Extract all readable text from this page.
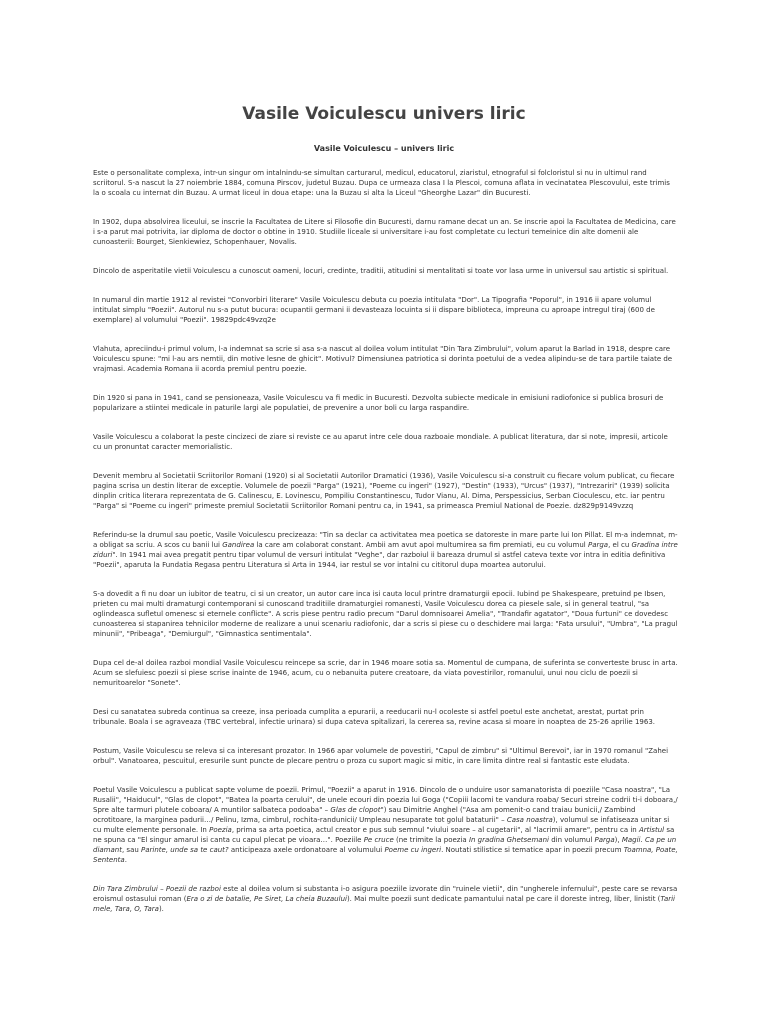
Vasile Voiculescu univers liric

Vasile Voiculescu – univers liric

Este o personalitate complexa, intr-un singur om intalnindu-se simultan carturarul, medicul, educatorul, ziaristul, etnograful si folcloristul si nu in ultimul rand scriitorul. S-a nascut la 27 noiembrie 1884, comuna Pirscov, judetul Buzau. Dupa ce urmeaza clasa I la Plescoi, comuna aflata in vecinatatea Plescovului, este trimis la o scoala cu internat din Buzau. A urmat liceul in doua etape: una la Buzau si alta la Liceul "Gheorghe Lazar" din Bucuresti.

In 1902, dupa absolvirea liceului, se inscrie la Facultatea de Litere si Filosofie din Bucuresti, darnu ramane decat un an. Se inscrie apoi la Facultatea de Medicina, care i s-a parut mai potrivita, iar diploma de doctor o obtine in 1910. Studiile liceale si universitare i-au fost completate cu lecturi temeinice din alte domenii ale cunoasterii: Bourget, Sienkiewiez, Schopenhauer, Novalis.

Dincolo de asperitatile vietii Voiculescu a cunoscut oameni, locuri, credinte, traditii, atitudini si mentalitati si toate vor lasa urme in universul sau artistic si spiritual.

In numarul din martie 1912 al revistei "Convorbiri literare" Vasile Voiculescu debuta cu poezia intitulata "Dor". La Tipografia "Poporul", in 1916 ii apare volumul intitulat simplu "Poezii". Autorul nu s-a putut bucura: ocupantii germani ii devasteaza locuinta si ii dispare biblioteca, impreuna cu aproape intregul tiraj (600 de exemplare) al volumului "Poezii". 19829pdc49vzq2e

Vlahuta, apreciindu-i primul volum, l-a indemnat sa scrie si asa s-a nascut al doilea volum intitulat "Din Tara Zimbrului", volum aparut la Barlad in 1918, despre care Voiculescu spune: "mi l-au ars nemtii, din motive lesne de ghicit". Motivul? Dimensiunea patriotica si dorinta poetului de a vedea alipindu-se de tara partile taiate de vrajmasi. Academia Romana ii acorda premiul pentru poezie.

Din 1920 si pana in 1941, cand se pensioneaza, Vasile Voiculescu va fi medic in Bucuresti. Dezvolta subiecte medicale in emisiuni radiofonice si publica brosuri de popularizare a stiintei medicale in paturile largi ale populatiei, de prevenire a unor boli cu larga raspandire.

Vasile Voiculescu a colaborat la peste cincizeci de ziare si reviste ce au aparut intre cele doua razboaie mondiale. A publicat literatura, dar si note, impresii, articole cu un pronuntat caracter memorialistic.

Devenit membru al Societatii Scriitorilor Romani (1920) si al Societatii Autorilor Dramatici (1936), Vasile Voiculescu si-a construit cu fiecare volum publicat, cu fiecare pagina scrisa un destin literar de exceptie. Volumele de poezii "Parga" (1921), "Poeme cu ingeri" (1927), "Destin" (1933), "Urcus" (1937), "Intrezariri" (1939) solicita dinplin critica literara reprezentata de G. Calinescu, E. Lovinescu, Pompiliu Constantinescu, Tudor Vianu, Al. Dima, Perspessicius, Serban Cioculescu, etc. iar pentru "Parga" si "Poeme cu ingeri" primeste premiul Societatii Scriitorilor Romani pentru ca, in 1941, sa primeasca Premiul National de Poezie. dz829p9149vzzq

Referindu-se la drumul sau poetic, Vasile Voiculescu precizeaza: "Tin sa declar ca activitatea mea poetica se datoreste in mare parte lui Ion Pillat. El m-a indemnat, m-a obligat sa scriu. A scos cu banii lui Gandirea la care am colaborat constant. Ambii am avut apoi multumirea sa fim premiati, eu cu volumul Parga, el cu Gradina intre ziduri". In 1941 mai avea pregatit pentru tipar volumul de versuri intitulat "Veghe", dar razboiul ii bareaza drumul si astfel cateva texte vor intra in editia definitiva "Poezii", aparuta la Fundatia Regasa pentru Literatura si Arta in 1944, iar restul se vor intalni cu cititorul dupa moartea autorului.

S-a dovedit a fi nu doar un iubitor de teatru, ci si un creator, un autor care inca isi cauta locul printre dramaturgii epocii. Iubind pe Shakespeare, pretuind pe Ibsen, prieten cu mai multi dramaturgi contemporani si cunoscand traditiile dramaturgiei romanesti, Vasile Voiculescu dorea ca piesele sale, si in general teatrul, "sa oglindeasca sufletul omenesc si eternele conflicte". A scris piese pentru radio precum "Darul domnisoarei Amelia", "Trandafir agatator", "Doua furtuni" ce dovedesc cunoasterea si stapanirea tehnicilor moderne de realizare a unui scenariu radiofonic, dar a scris si piese cu o deschidere mai larga: "Fata ursului", "Umbra", "La pragul minunii", "Pribeaga", "Demiurgul", "Gimnastica sentimentala".

Dupa cel de-al doilea razboi mondial Vasile Voiculescu reincepe sa scrie, dar in 1946 moare sotia sa. Momentul de cumpana, de suferinta se converteste brusc in arta. Acum se slefuiesc poezii si piese scrise inainte de 1946, acum, cu o nebanuita putere creatoare, da viata povestirilor, romanului, unui nou ciclu de poezii si nemuritoarelor "Sonete".

Desi cu sanatatea subreda continua sa creeze, insa perioada cumplita a epurarii, a reeducarii nu-l ocoleste si astfel poetul este anchetat, arestat, purtat prin tribunale. Boala i se agraveaza (TBC vertebral, infectie urinara) si dupa cateva spitalizari, la cererea sa, revine acasa si moare in noaptea de 25-26 aprilie 1963.

Postum, Vasile Voiculescu se releva si ca interesant prozator. In 1966 apar volumele de povestiri, "Capul de zimbru" si "Ultimul Berevoi", iar in 1970 romanul "Zahei orbul". Vanatoarea, pescuitul, eresurile sunt puncte de plecare pentru o proza cu suport magic si mitic, in care limita dintre real si fantastic este eludata.

Poetul Vasile Voiculescu a publicat sapte volume de poezii. Primul, "Poezii" a aparut in 1916. Dincolo de o unduire usor samanatorista di poeziile "Casa noastra", "La Rusalii", "Haiducul", "Glas de clopot", "Batea la poarta cerului", de unele ecouri din poezia lui Goga ("Copiii lacomi te vandura roaba/ Securi streine codrii ti-i doboara,/ Spre alte tarmuri plutele coboara/ A muntilor salbateca podoaba" – Glas de clopot") sau Dimitrie Anghel ("Asa am pomenit-o cand traiau bunicii,/ Zambind ocrotitoare, la marginea padurii…/ Pelinu, Izma, cimbrul, rochita-randunicii/ Umpleau nesuparate tot golul bataturii" – Casa noastra), volumul se infatiseaza unitar si cu multe elemente personale. In Poezia, prima sa arta poetica, actul creator e pus sub semnul "viului soare – al cugetarii", al "lacrimii amare", pentru ca in Artistul sa ne spuna ca "El singur amarul isi canta cu capul plecat pe vioara…". Poeziile Pe cruce (ne trimite la poezia In gradina Ghetsemani din volumul Parga), Magii. Ca pe un diamant, sau Parinte, unde sa te caut? anticipeaza axele ordonatoare al volumului Poeme cu ingeri. Noutati stilistice si tematice apar in poezii precum Toamna, Poate, Sententa.

Din Tara Zimbrului – Poezii de razboi este al doilea volum si substanta i-o asigura poeziile izvorate din "ruinele vietii", din "ungherele infernului", peste care se revarsa eroismul ostasului roman (Era o zi de batalie, Pe Siret, La cheia Buzaului). Mai multe poezii sunt dedicate pamantului natal pe care il doreste intreg, liber, linistit (Tarii mele, Tara, O, Tara).
